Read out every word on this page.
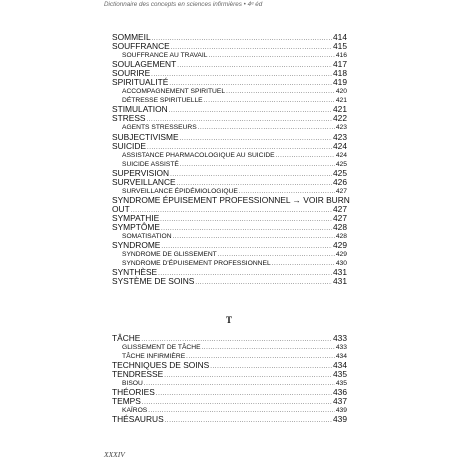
Dictionnaire des concepts en sciences infirmières • 4ᵉ éd
SOMMEIL .....	414
SOUFFRANCE .....	415
SOUFFRANCE AU TRAVAIL .....	416
SOULAGEMENT .....	417
SOURIRE .....	418
SPIRITUALITÉ .....	419
ACCOMPAGNEMENT SPIRITUEL .....	420
DÉTRESSE SPIRITUELLE .....	421
STIMULATION .....	421
STRESS .....	422
AGENTS STRESSEURS .....	423
SUBJECTIVISME .....	423
SUICIDE .....	424
ASSISTANCE PHARMACOLOGIQUE AU SUICIDE .....	424
SUICIDE ASSISTÉ .....	425
SUPERVISION .....	425
SURVEILLANCE .....	426
SURVEILLANCE ÉPIDÉMIOLOGIQUE .....	427
SYNDROME ÉPUISEMENT PROFESSIONNEL → VOIR BURN
OUT .....	427
SYMPATHIE .....	427
SYMPTÔME .....	428
SOMATISATION .....	428
SYNDROME .....	429
SYNDROME DE GLISSEMENT .....	429
SYNDROME D'ÉPUISEMENT PROFESSIONNEL .....	430
SYNTHÈSE .....	431
SYSTÈME DE SOINS .....	431
T
TÂCHE .....	433
GLISSEMENT DE TÂCHE .....	433
TÂCHE INFIRMIÈRE .....	434
TECHNIQUES DE SOINS .....	434
TENDRESSE .....	435
BISOU .....	435
THÉORIES .....	436
TEMPS .....	437
KAÏROS .....	439
THÉSAURUS .....	439
XXXIV
